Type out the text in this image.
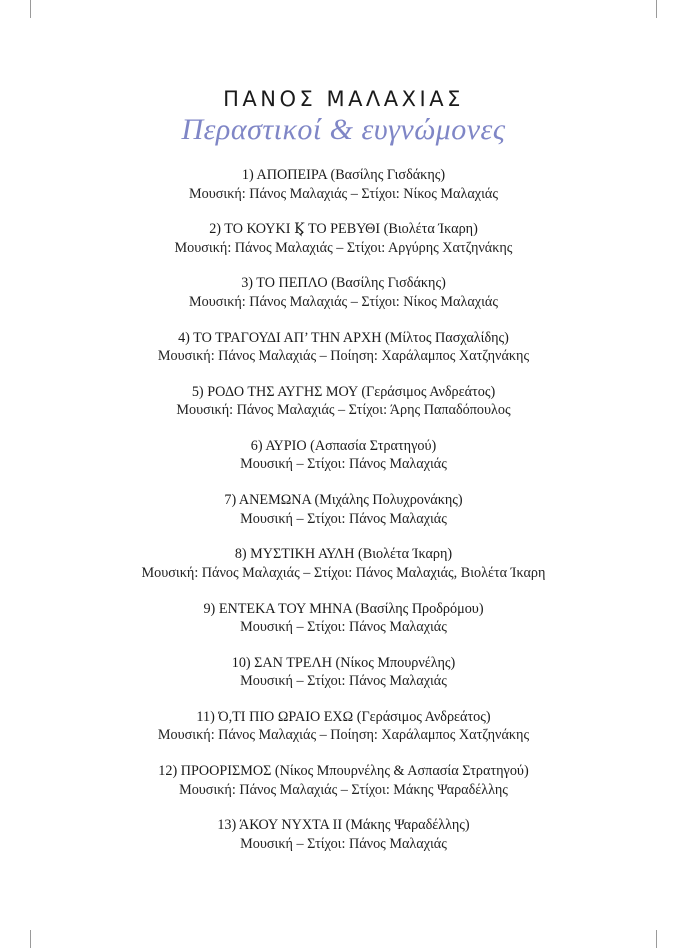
ΠΑΝΟΣ ΜΑΛΑΧΙΑΣ
Περαστικοί & ευγνώμονες
1) ΑΠΟΠΕΙΡΑ (Βασίλης Γισδάκης)
Μουσική: Πάνος Μαλαχιάς – Στίχοι: Νίκος Μαλαχιάς
2) ΤΟ ΚΟΥΚΙ Ϗ ΤΟ ΡΕΒΥΘΙ (Βιολέτα Ίκαρη)
Μουσική: Πάνος Μαλαχιάς – Στίχοι: Αργύρης Χατζηνάκης
3) ΤΟ ΠΕΠΛΟ (Βασίλης Γισδάκης)
Μουσική: Πάνος Μαλαχιάς – Στίχοι: Νίκος Μαλαχιάς
4) ΤΟ ΤΡΑΓΟΥΔΙ ΑΠ’ ΤΗΝ ΑΡΧΗ (Μίλτος Πασχαλίδης)
Μουσική: Πάνος Μαλαχιάς – Ποίηση: Χαράλαμπος Χατζηνάκης
5) ΡΟΔΟ ΤΗΣ ΑΥΓΗΣ ΜΟΥ (Γεράσιμος Ανδρεάτος)
Μουσική: Πάνος Μαλαχιάς – Στίχοι: Άρης Παπαδόπουλος
6) ΑΥΡΙΟ (Ασπασία Στρατηγού)
Μουσική – Στίχοι: Πάνος Μαλαχιάς
7) ΑΝΕΜΩΝΑ (Μιχάλης Πολυχρονάκης)
Μουσική – Στίχοι: Πάνος Μαλαχιάς
8) ΜΥΣΤΙΚΗ ΑΥΛΗ (Βιολέτα Ίκαρη)
Μουσική: Πάνος Μαλαχιάς – Στίχοι: Πάνος Μαλαχιάς, Βιολέτα Ίκαρη
9) ΕΝΤΕΚΑ ΤΟΥ ΜΗΝΑ (Βασίλης Προδρόμου)
Μουσική – Στίχοι: Πάνος Μαλαχιάς
10) ΣΑΝ ΤΡΕΛΗ (Νίκος Μπουρνέλης)
Μουσική – Στίχοι: Πάνος Μαλαχιάς
11) Ό,ΤΙ ΠΙΟ ΩΡΑΙΟ ΕΧΩ (Γεράσιμος Ανδρεάτος)
Μουσική: Πάνος Μαλαχιάς – Ποίηση: Χαράλαμπος Χατζηνάκης
12) ΠΡΟΟΡΙΣΜΟΣ (Νίκος Μπουρνέλης & Ασπασία Στρατηγού)
Μουσική: Πάνος Μαλαχιάς – Στίχοι: Μάκης Ψαραδέλλης
13) ΆΚΟΥ ΝΥΧΤΑ ΙΙ (Μάκης Ψαραδέλλης)
Μουσική – Στίχοι: Πάνος Μαλαχιάς
